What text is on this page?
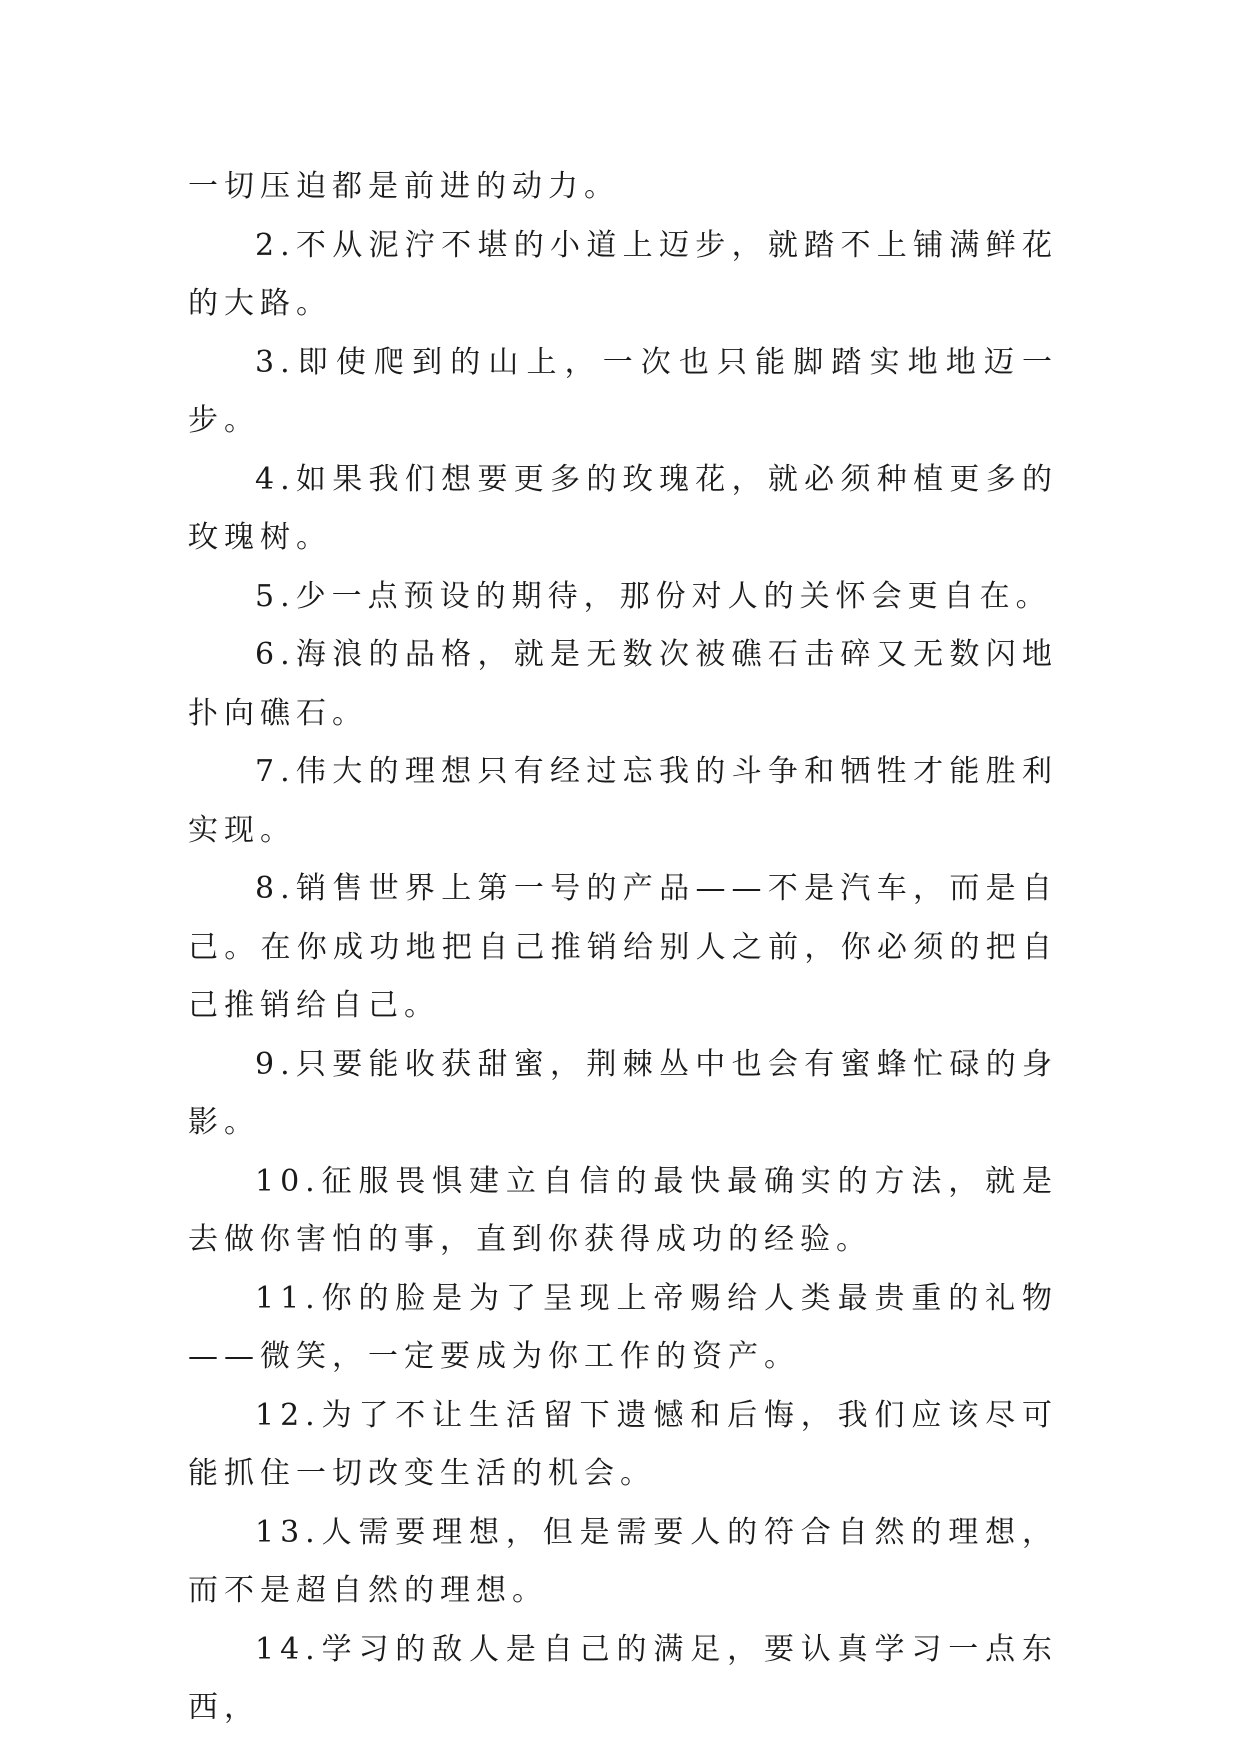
一切压迫都是前进的动力。

2.不从泥泞不堪的小道上迈步，就踏不上铺满鲜花的大路。

3.即使爬到的山上，一次也只能脚踏实地地迈一步。

4.如果我们想要更多的玫瑰花，就必须种植更多的玫瑰树。

5.少一点预设的期待，那份对人的关怀会更自在。

6.海浪的品格，就是无数次被礁石击碎又无数闪地扑向礁石。

7.伟大的理想只有经过忘我的斗争和牺牲才能胜利实现。

8.销售世界上第一号的产品——不是汽车，而是自己。在你成功地把自己推销给别人之前，你必须的把自己推销给自己。

9.只要能收获甜蜜，荆棘丛中也会有蜜蜂忙碌的身影。

10.征服畏惧建立自信的最快最确实的方法，就是去做你害怕的事，直到你获得成功的经验。

11.你的脸是为了呈现上帝赐给人类最贵重的礼物——微笑，一定要成为你工作的资产。

12.为了不让生活留下遗憾和后悔，我们应该尽可能抓住一切改变生活的机会。

13.人需要理想，但是需要人的符合自然的理想，而不是超自然的理想。

14.学习的敌人是自己的满足，要认真学习一点东西，
